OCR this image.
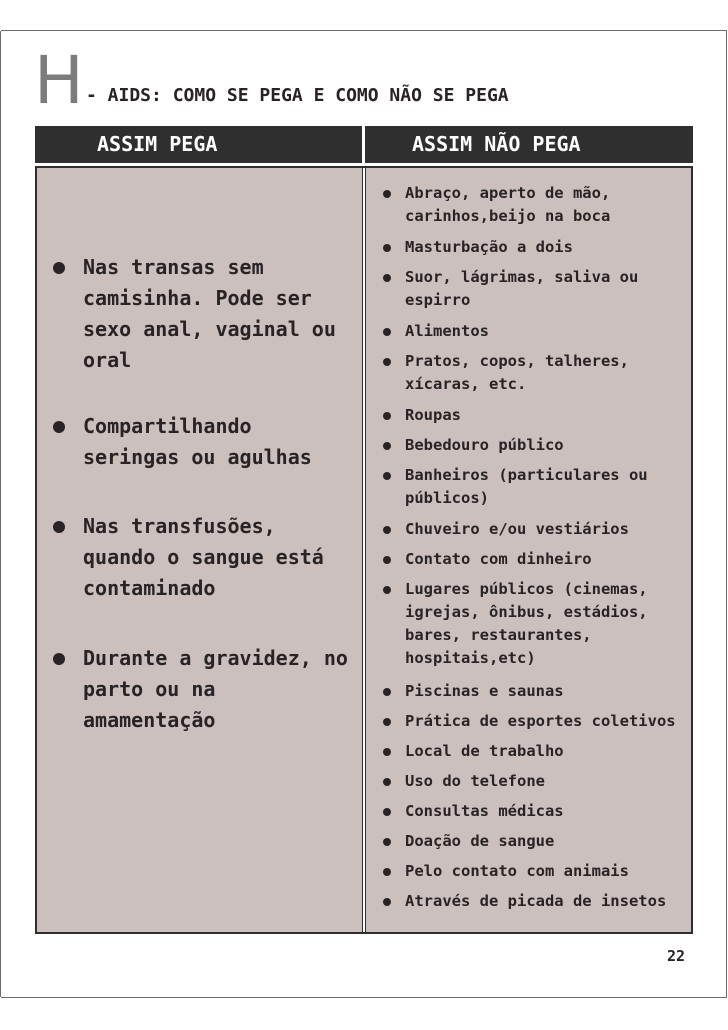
H - AIDS: COMO SE PEGA E COMO NÃO SE PEGA
ASSIM PEGA	ASSIM NÃO PEGA
Nas transas sem camisinha. Pode ser sexo anal, vaginal ou oral
Compartilhando seringas ou agulhas
Nas transfusões, quando o sangue está contaminado
Durante a gravidez, no parto ou na amamentação
Abraço, aperto de mão, carinhos,beijo na boca
Masturbação a dois
Suor, lágrimas, saliva ou espirro
Alimentos
Pratos, copos, talheres, xícaras, etc.
Roupas
Bebedouro público
Banheiros (particulares ou públicos)
Chuveiro e/ou vestiários
Contato com dinheiro
Lugares públicos (cinemas, igrejas, ônibus, estádios, bares, restaurantes, hospitais,etc)
Piscinas e saunas
Prática de esportes coletivos
Local de trabalho
Uso do telefone
Consultas médicas
Doação de sangue
Pelo contato com animais
Através de picada de insetos
22
